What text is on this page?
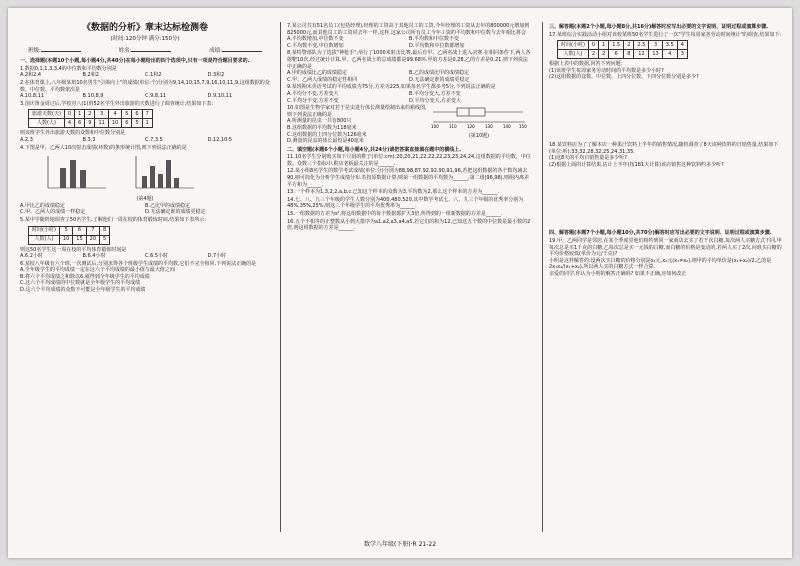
《数据的分析》章末达标检测卷
(时间:120分钟 满分:150分)
班级:	姓名:	成绩:

一、选择题(本题10个小题,每小题4分,共40分)在每小题给出的四个选项中,只有一项是符合题目要求的.

1.数据0,1,1,3,3,4的中位数和平均数分别是

A.2和2.4	B.2和2	C.1和2	D.3和2

2.在体育课上,八年级某班10名男生"引体向上"的成绩(单位:个)分别为9,14,10,15,7,9,16,10,11,9,这组数据的众数、中位数、平均数依次是

A.10,8,11	B.10,8,9	C.9,8,11	D.9,10,11

3.国庆黄金周过后,学校对八(1)班52名学生外出旅游的天数进行了调查统计,结果如下表:

旅游天数(天)	0	1	2	3	4	5	6	7
人数(人)	4	6	9	11	10	6	5	1

则该班学生外出旅游天数的众数和中位数分别是

A.2,3	B.3,3	C.7,3.5	D.12,10.5

4.下图是甲、乙两人10次射击成绩(环数)的条形统计图,则下列说法正确的是

(第4题)

A.甲比乙的成绩稳定	B.乙比甲的成绩稳定
C.甲、乙两人的成绩一样稳定	D.无法确定谁的成绩更稳定

5.某中学随机地调查了50名学生,了解他们一周在校的体育锻炼时间,结果如下表所示:

时间(小时)	5	6	7	8
人数(人)	10	15	20	5

则这50名学生这一周在校的平均体育锻炼时间是

A.6.2小时	B.6.4小时	C.6.5小时	D.7小时

6.某校八年级有六个班,一次测试后,分别求得各个班级学生成绩的平均数,它们不完全相同,下列说法正确的是

A.全年级学生的平均成绩一定在这六个平均成绩的最小值与最大值之间

B.将六个平均成绩之和除以6,就得到全年级学生的平均成绩

C.这六个平均成绩的中位数就是全年级学生的平均成绩

D.这六个平均成绩的众数不可能是全年级学生的平均成绩

7.某公司共有51名员工(包括经理),经理的工资高于其他员工的工资,今年经理的工资从去年的800000元增加到825000元,而其他员工的工资同去年一样,这样,这家公司所有员工今年工资的平均数和中位数与去年相比将会

A.平均数增加,中位数不变	B.平均数和中位数不变
C.平均数不变,中位数增加	D.平均数和中位数都增加

8.某特警部队为了选拔"神枪手",举行了1000米射击比赛,最后有甲、乙两名战士进入决赛.在相同条件下,两人各射靶10次,经过统计计算,甲、乙两名战士的总成绩都是99.68环,甲的方差是0.28,乙的方差是0.21.则下列说法中正确的是

A.甲的成绩比乙的成绩稳定	B.乙的成绩比甲的成绩稳定
C.甲、乙两人成绩的稳定性相同	D.无法确定谁的成绩更稳定

9.某班期末英语考试的平均成绩为75分,方差为225,如果每名学生都多考5分,下列说法正确的是

A.平均分不变,方差变大	B.平均分变大,方差不变
C.平均分不变,方差不变	D.平均分变大,方差变大

10.如图是生物学家对若干昆虫进行体长测量绘制出来的箱线图,则下列说法正确的是

A.所测量的昆虫一共有800只

B.这组数据的平均数为118毫米

C.这组数据的上四分位数为126毫米

D.测量的昆虫的体长最短是40毫米

100	110	120	130	140 150

(第10题)

二、填空题(本题6个小题,每小题4分,共24分)请把答案直接填在题中的横线上.

11.10名学生分别购买如下尺码的鞋子(单位:cm):20,20,21,22,22,22,23,23,24,24,这组数据的平均数、中位数、众数三个指标中,鞋店老板最关注的是______.

12.某小组8名学生的数学考试成绩(单位:分)分别为88,98,87,92,92,90,91,96,若把这组数据的各个数均减去90,则可简化为分析学生成绩分布.若按原数据计算,则第一组数据的平均数为______,第二组|96,98|,则组内离差平方和为______.

13.一个样本为1,3,2,2,a,b,c.已知这个样本的众数为3,平均数为2,那么这个样本的方差为______.

14.七、八、九三个年级的学生人数分别为400,480,520.其中数学考试七、八、九三个年级的优秀率分别为48%,35%,25%,则这三个年级学生的平均优秀率为______.

15.一组数据的方差为s²,将这组数据中的每个数据都扩大3倍,所得到的一组新数据的方差是______.

16.五个不相等的正整数从小到大排序为a1,a2,a3,a4,a5,若它们的和为12,已知这五个数的中位数是最小数的2倍,则这组数据的方差是______.

三、解答题(本题2个小题,每小题8分,共16分)解答时应写出必要的文字说明、证明过程或演算步骤.

17.某班综合实践活动小组对该校某班50名学生进行了一次"学生每周家务劳动时间统计"的调查,结果如下:

时间(小时)	0	1	1.5	2	2.5	3	3.5	4
人数(人)	2	2	6	8	12	13	4	3

根据上表中的数据,回答下列问题:

(1)该班学生每周家务劳动时间的平均数是多少小时?

(2)这组数据的众数、中位数、上四分位数、下四分位数分别是多少?

18.某饮料店为了了解本店一种果汁饮料上半年的销售情况,随机调查了8天该种饮料的日销售量,结果如下(单位:听):33,32,28,32,25,24,31,35.

(1)这8天的平均日销售量是多少听?

(2)根据上面的计算结果,估计上半年(按181天计算)该店销售这种饮料约多少听?

四、解答题(本题7个小题,每小题10分,共70分)解答时应写出必要的文字说明、证明过程或演算步骤.

19.甲、乙两同学是邻居,在某个季度里他们相约到同一家商店去买了若干次白糖,每次两人买糖方式不同,甲每次总是买1千克的白糖,乙每次总是买一元钱的白糖,而白糖的价格是变动的,若两人买了2次,问谁买白糖的平均价格较低(单价为元/千克)?

小明是这样解答的:设两次买白糖的价格分别是x₁元,x₂元(x₁≠x₂),则甲的平均单价是(x₁+x₂)/2,乙的是2x₁x₂/(x₁+x₂),所以两人买的白糖方式一样合算.

亲爱的同学,你认为小明的解答正确吗? 如果不正确,应如何改正

数学八年级(下册)·R 21-22
